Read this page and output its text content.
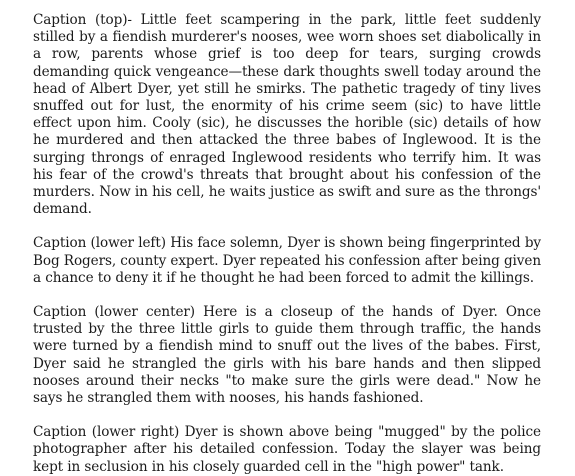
Caption (top)- Little feet scampering in the park, little feet suddenly stilled by a fiendish murderer's nooses, wee worn shoes set diabolically in a row, parents whose grief is too deep for tears, surging crowds demanding quick vengeance—these dark thoughts swell today around the head of Albert Dyer, yet still he smirks. The pathetic tragedy of tiny lives snuffed out for lust, the enormity of his crime seem (sic) to have little effect upon him. Cooly (sic), he discusses the horible (sic) details of how he murdered and then attacked the three babes of Inglewood. It is the surging throngs of enraged Inglewood residents who terrify him. It was his fear of the crowd's threats that brought about his confession of the murders. Now in his cell, he waits justice as swift and sure as the throngs' demand.

Caption (lower left) His face solemn, Dyer is shown being fingerprinted by Bog Rogers, county expert. Dyer repeated his confession after being given a chance to deny it if he thought he had been forced to admit the killings.

Caption (lower center) Here is a closeup of the hands of Dyer. Once trusted by the three little girls to guide them through traffic, the hands were turned by a fiendish mind to snuff out the lives of the babes. First, Dyer said he strangled the girls with his bare hands and then slipped nooses around their necks "to make sure the girls were dead." Now he says he strangled them with nooses, his hands fashioned.

Caption (lower right) Dyer is shown above being "mugged" by the police photographer after his detailed confession. Today the slayer was being kept in seclusion in his closely guarded cell in the "high power" tank.
